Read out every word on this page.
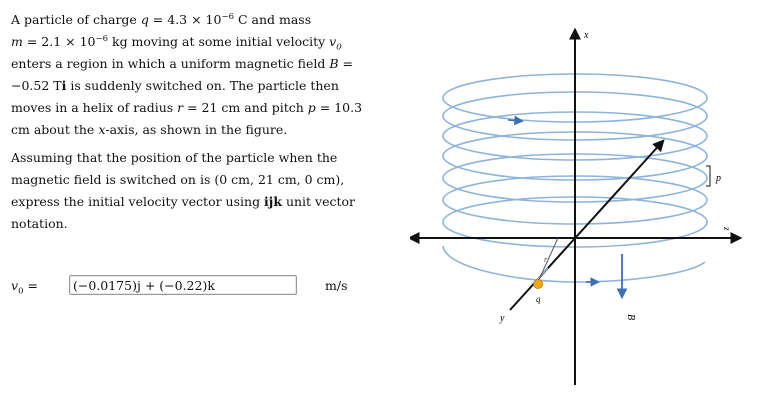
A particle of charge $q = 4.3 \times 10^{-6}$ C and mass
$m = 2.1 \times 10^{-6}$ kg moving at some initial velocity $v_0$ enters a region in which a uniform magnetic field B = −0.52 Ti is suddenly switched on. The particle then moves in a helix of radius r = 21 cm and pitch p = 10.3 cm about the x-axis, as shown in the figure.

Assuming that the position of the particle when the magnetic field is switched on is (0 cm, 21 cm, 0 cm), express the initial velocity vector using ijk unit vector notation.

$v_0$ =	(−0.0175)j + (−0.22)k	m/s
x
y
z
r
p
q
B
